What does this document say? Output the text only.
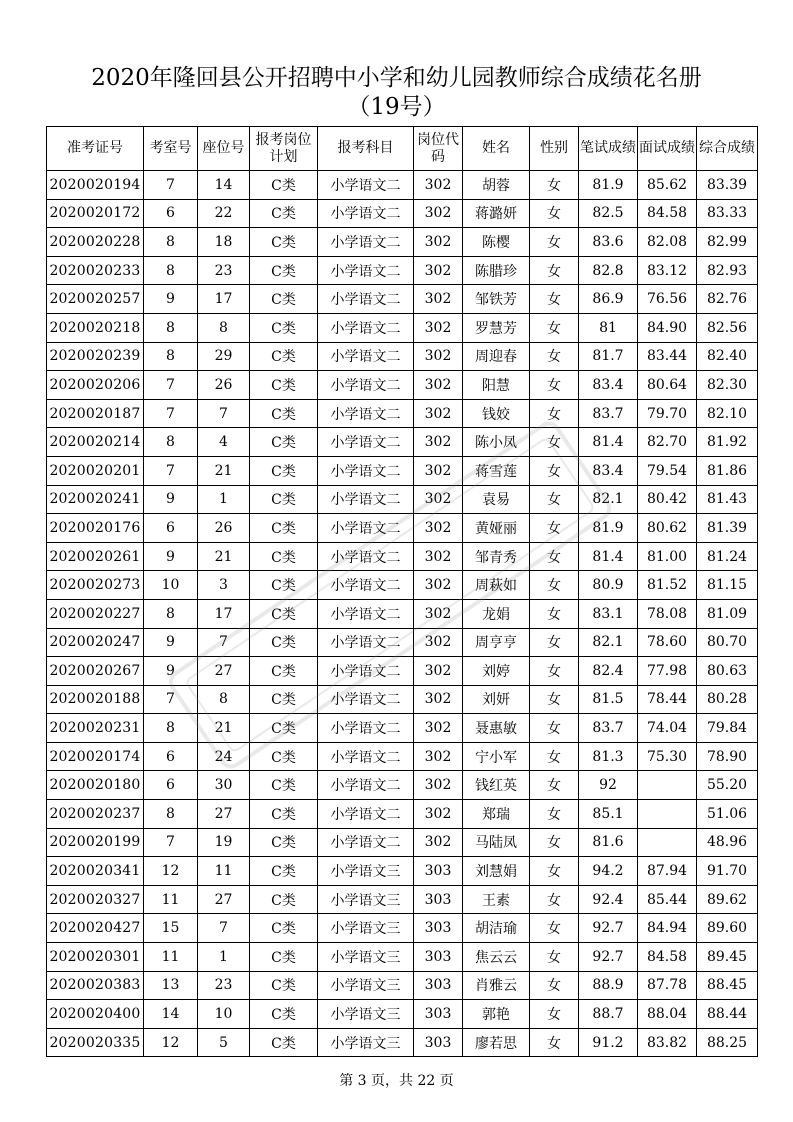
2020年隆回县公开招聘中小学和幼儿园教师综合成绩花名册
（19号）
准考证号	考室号	座位号	报考岗位计划	报考科目	岗位代码	姓名	性别	笔试成绩	面试成绩	综合成绩
2020020194	7	14	C类	小学语文二	302	胡蓉	女	81.9	85.62	83.39
2020020172	6	22	C类	小学语文二	302	蒋潞妍	女	82.5	84.58	83.33
2020020228	8	18	C类	小学语文二	302	陈樱	女	83.6	82.08	82.99
2020020233	8	23	C类	小学语文二	302	陈腊珍	女	82.8	83.12	82.93
2020020257	9	17	C类	小学语文二	302	邹铁芳	女	86.9	76.56	82.76
2020020218	8	8	C类	小学语文二	302	罗慧芳	女	81	84.90	82.56
2020020239	8	29	C类	小学语文二	302	周迎春	女	81.7	83.44	82.40
2020020206	7	26	C类	小学语文二	302	阳慧	女	83.4	80.64	82.30
2020020187	7	7	C类	小学语文二	302	钱姣	女	83.7	79.70	82.10
2020020214	8	4	C类	小学语文二	302	陈小凤	女	81.4	82.70	81.92
2020020201	7	21	C类	小学语文二	302	蒋雪莲	女	83.4	79.54	81.86
2020020241	9	1	C类	小学语文二	302	袁易	女	82.1	80.42	81.43
2020020176	6	26	C类	小学语文二	302	黄娅丽	女	81.9	80.62	81.39
2020020261	9	21	C类	小学语文二	302	邹青秀	女	81.4	81.00	81.24
2020020273	10	3	C类	小学语文二	302	周萩如	女	80.9	81.52	81.15
2020020227	8	17	C类	小学语文二	302	龙娟	女	83.1	78.08	81.09
2020020247	9	7	C类	小学语文二	302	周亨亨	女	82.1	78.60	80.70
2020020267	9	27	C类	小学语文二	302	刘婷	女	82.4	77.98	80.63
2020020188	7	8	C类	小学语文二	302	刘妍	女	81.5	78.44	80.28
2020020231	8	21	C类	小学语文二	302	聂惠敏	女	83.7	74.04	79.84
2020020174	6	24	C类	小学语文二	302	宁小军	女	81.3	75.30	78.90
2020020180	6	30	C类	小学语文二	302	钱红英	女	92		55.20
2020020237	8	27	C类	小学语文二	302	郑瑞	女	85.1		51.06
2020020199	7	19	C类	小学语文二	302	马陆凤	女	81.6		48.96
2020020341	12	11	C类	小学语文三	303	刘慧娟	女	94.2	87.94	91.70
2020020327	11	27	C类	小学语文三	303	王素	女	92.4	85.44	89.62
2020020427	15	7	C类	小学语文三	303	胡洁瑜	女	92.7	84.94	89.60
2020020301	11	1	C类	小学语文三	303	焦云云	女	92.7	84.58	89.45
2020020383	13	23	C类	小学语文三	303	肖雅云	女	88.9	87.78	88.45
2020020400	14	10	C类	小学语文三	303	郭艳	女	88.7	88.04	88.44
2020020335	12	5	C类	小学语文三	303	廖若思	女	91.2	83.82	88.25
第 3 页，共 22 页
